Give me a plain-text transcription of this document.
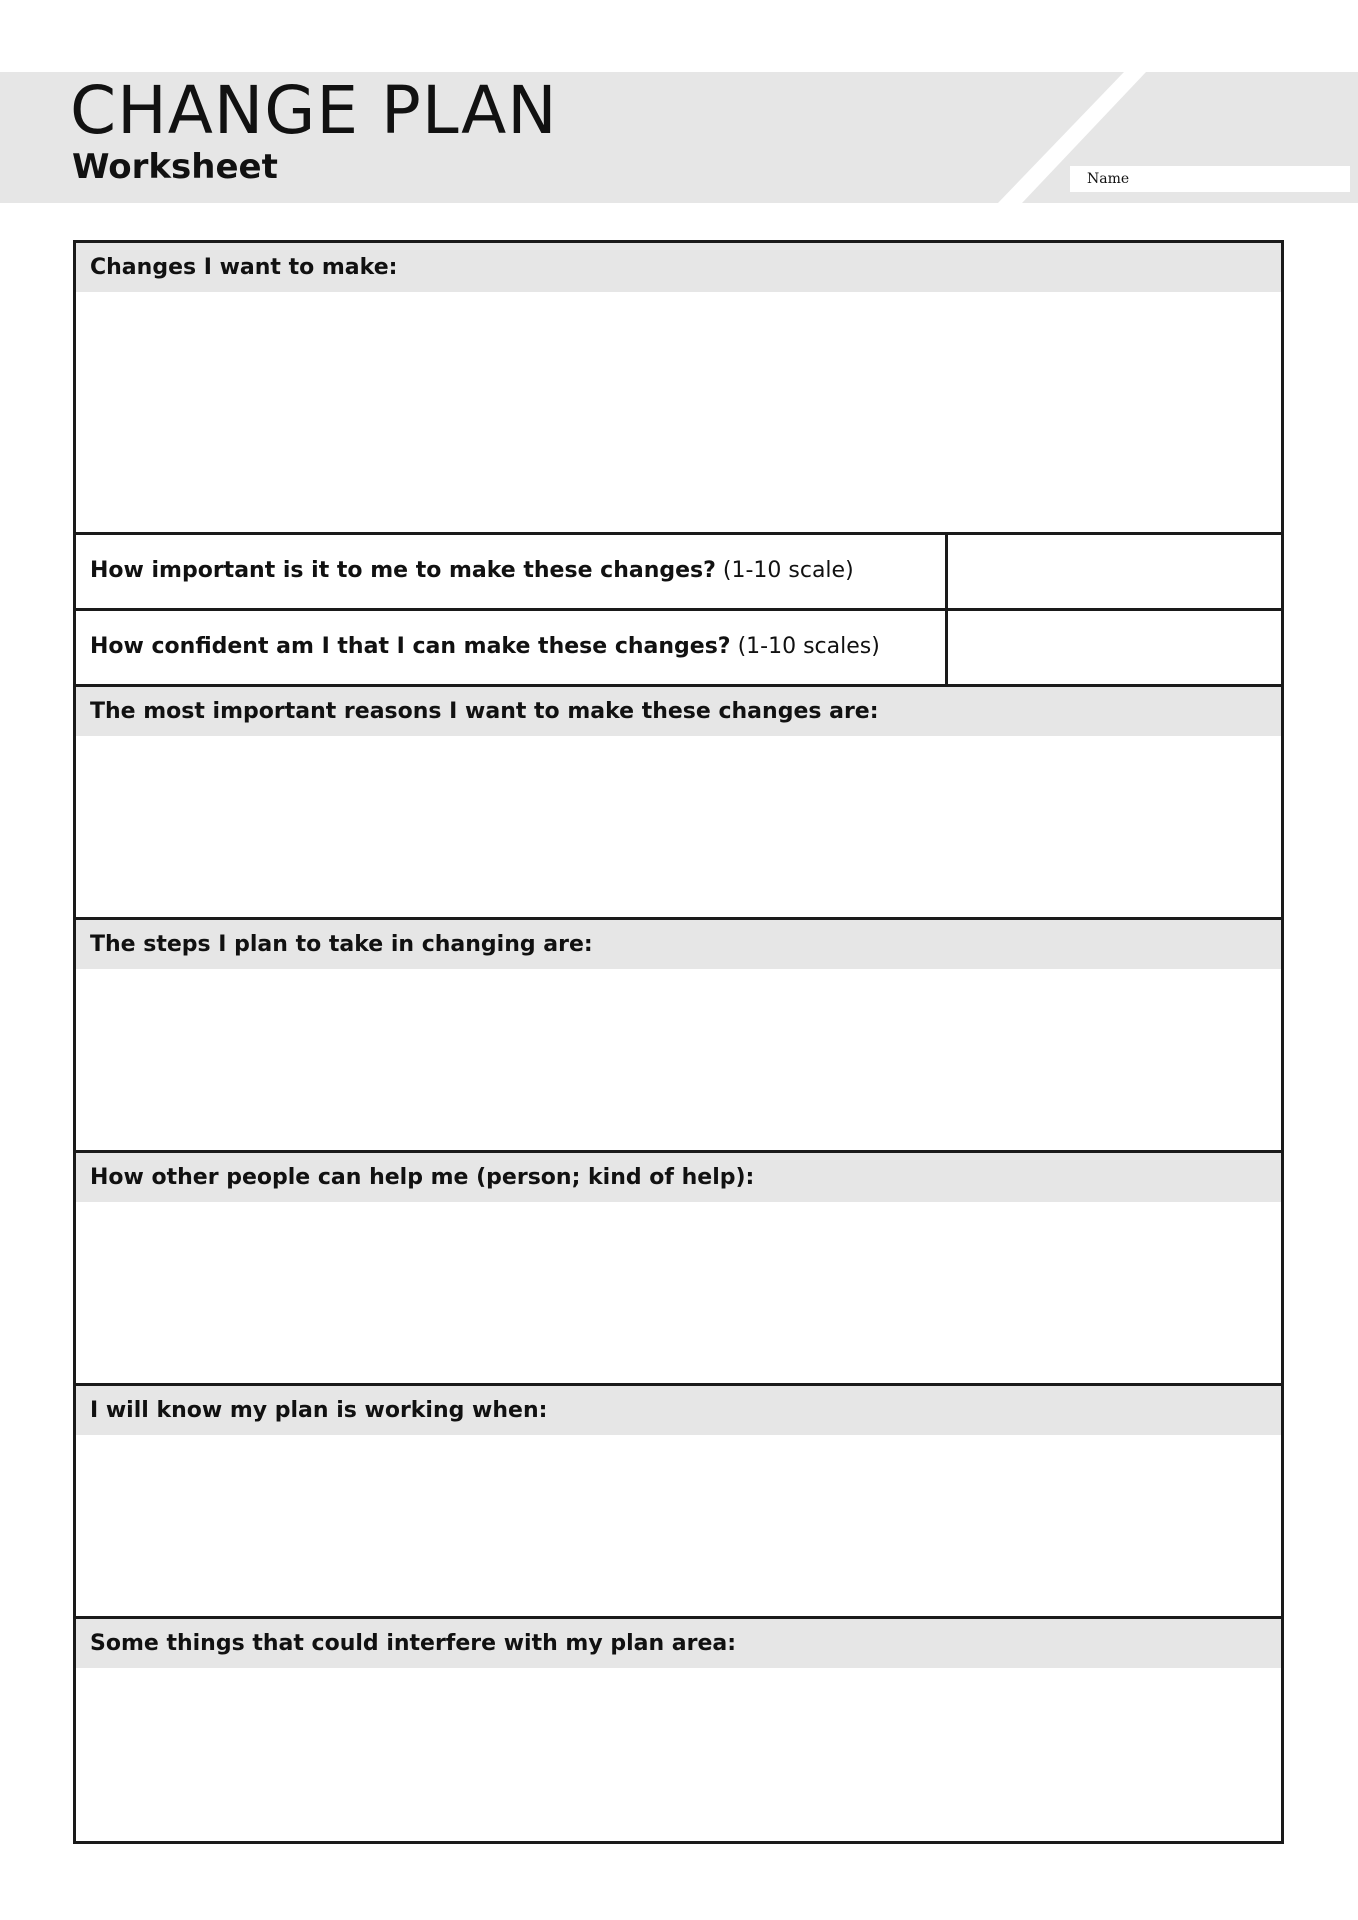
CHANGE PLAN
Worksheet	Name
Changes I want to make:
How important is it to me to make these changes? (1-10 scale)
How confident am I that I can make these changes? (1-10 scales)
The most important reasons I want to make these changes are:
The steps I plan to take in changing are:
How other people can help me (person; kind of help):
I will know my plan is working when:
Some things that could interfere with my plan area:
